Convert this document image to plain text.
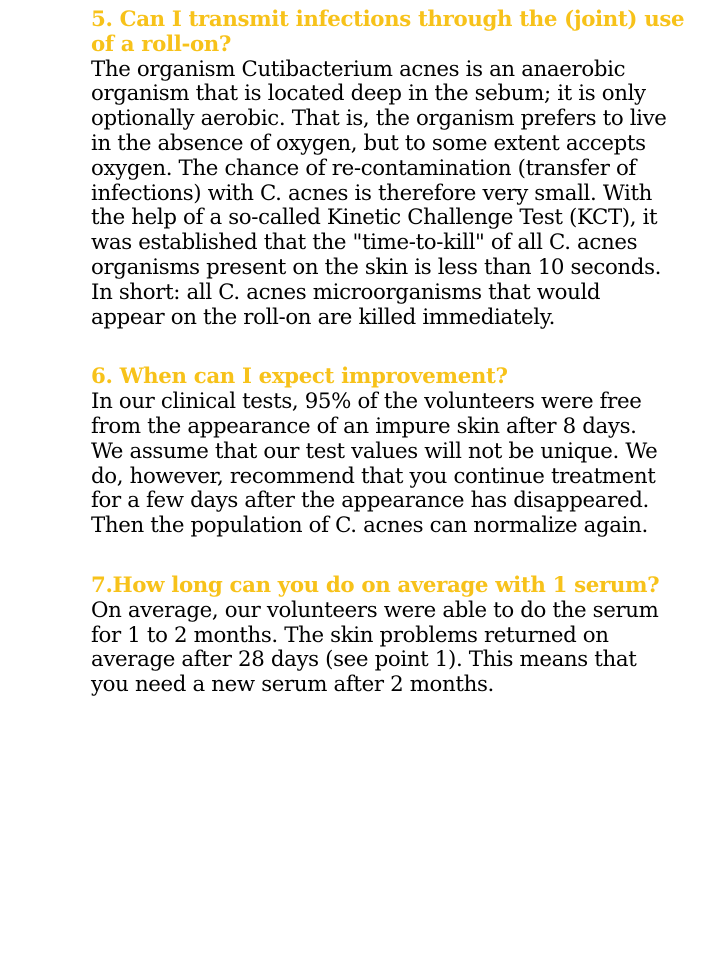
5. Can I transmit infections through the (joint) use
of a roll-on?

The organism Cutibacterium acnes is an anaerobic
organism that is located deep in the sebum; it is only
optionally aerobic. That is, the organism prefers to live
in the absence of oxygen, but to some extent accepts
oxygen. The chance of re-contamination (transfer of
infections) with C. acnes is therefore very small. With
the help of a so-called Kinetic Challenge Test (KCT), it
was established that the "time-to-kill" of all C. acnes
organisms present on the skin is less than 10 seconds.
In short: all C. acnes microorganisms that would
appear on the roll-on are killed immediately.

6. When can I expect improvement?

In our clinical tests, 95% of the volunteers were free
from the appearance of an impure skin after 8 days.
We assume that our test values will not be unique. We
do, however, recommend that you continue treatment
for a few days after the appearance has disappeared.
Then the population of C. acnes can normalize again.

7.How long can you do on average with 1 serum?

On average, our volunteers were able to do the serum
for 1 to 2 months. The skin problems returned on
average after 28 days (see point 1). This means that
you need a new serum after 2 months.
